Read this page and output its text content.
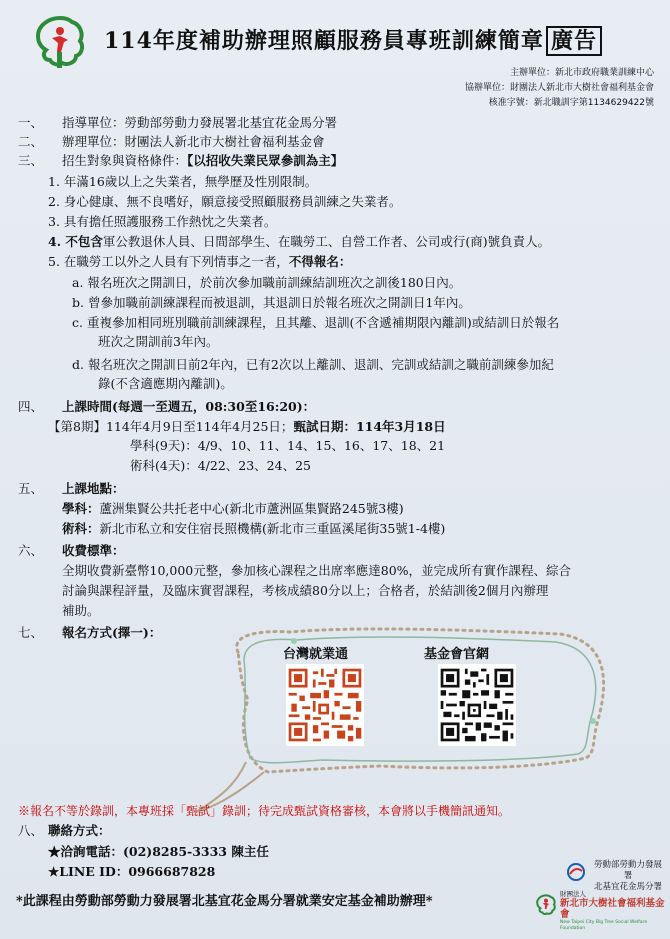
114年度補助辦理照顧服務員專班訓練簡章 廣告
主辦單位：新北市政府職業訓練中心
協辦單位：財團法人新北市大樹社會福利基金會
核准字號：新北職訓字第1134629422號
一、 指導單位：勞動部勞動力發展署北基宜花金馬分署
二、 辦理單位：財團法人新北市大樹社會福利基金會
三、 招生對象與資格條件：【以招收失業民眾參訓為主】
1. 年滿16歲以上之失業者，無學歷及性別限制。
2. 身心健康、無不良嗜好，願意接受照顧服務員訓練之失業者。
3. 具有擔任照護服務工作熱忱之失業者。
4. 不包含軍公教退休人員、日間部學生、在職勞工、自營工作者、公司或行(商)號負責人。
5. 在職勞工以外之人員有下列情事之一者，不得報名：
a. 報名班次之開訓日，於前次參加職前訓練結訓班次之訓後180日內。
b. 曾參加職前訓練課程而被退訓，其退訓日於報名班次之開訓日1年內。
c. 重複參加相同班別職前訓練課程，且其離、退訓(不含遞補期限內離訓)或結訓日於報名
班次之開訓前3年內。
d. 報名班次之開訓日前2年內，已有2次以上離訓、退訓、完訓或結訓之職前訓練參加紀
錄(不含適應期內離訓)。
四、 上課時間(每週一至週五，08:30至16:20)：
【第8期】114年4月9日至114年4月25日；甄試日期：114年3月18日
學科(9天)：4/9、10、11、14、15、16、17、18、21
術科(4天)：4/22、23、24、25
五、 上課地點：
學科：蘆洲集賢公共托老中心(新北市蘆洲區集賢路245號3樓)
術科：新北市私立和安住宿長照機構(新北市三重區溪尾街35號1-4樓)
六、 收費標準：
全期收費新臺幣10,000元整，參加核心課程之出席率應達80%，並完成所有實作課程、綜合
討論與課程評量，及臨床實習課程，考核成績80分以上；合格者，於結訓後2個月內辦理
補助。
七、 報名方式(擇一)：
台灣就業通	基金會官網
※報名不等於錄訓，本專班採「甄試」錄訓；待完成甄試資格審核，本會將以手機簡訊通知。
八、 聯絡方式：
★洽詢電話：(02)8285-3333 陳主任
★LINE ID：0966687828	勞動部勞動力發展署
北基宜花金馬分署
財團法人
新北市大樹社會福利基金會
New Taipei City Big Tree Social Welfare Foundation
*此課程由勞動部勞動力發展署北基宜花金馬分署就業安定基金補助辦理*
